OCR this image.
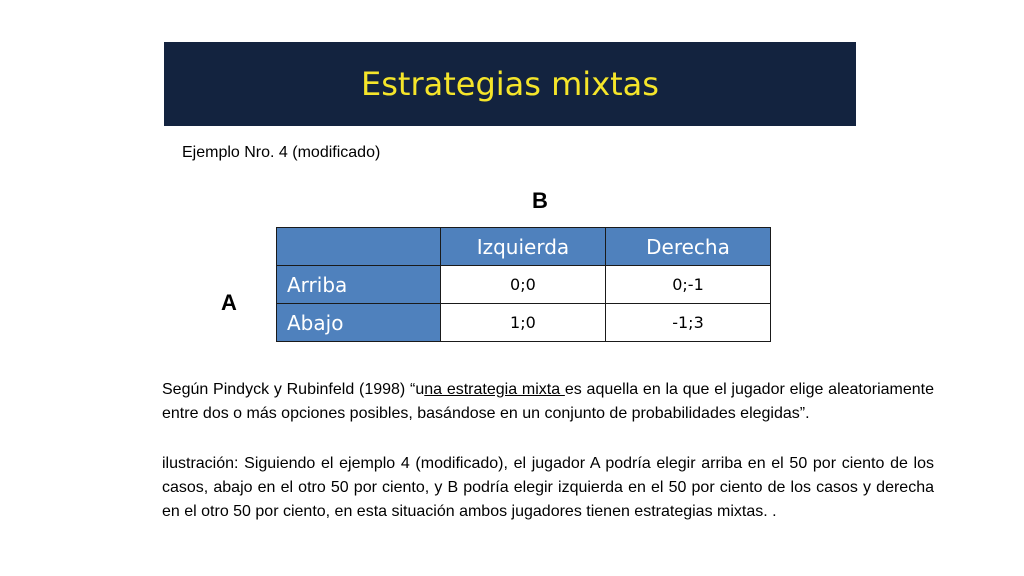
Estrategias mixtas
Ejemplo Nro. 4 (modificado)
B
A
	Izquierda	Derecha
Arriba	0;0	0;-1
Abajo	1;0	-1;3
Según Pindyck y Rubinfeld (1998) “una estrategia mixta es aquella en la que el jugador elige aleatoriamente entre dos o más opciones posibles, basándose en un conjunto de probabilidades elegidas”.
ilustración: Siguiendo el ejemplo 4 (modificado), el jugador A podría elegir arriba en el 50 por ciento de los casos, abajo en el otro 50 por ciento, y B podría elegir izquierda en el 50 por ciento de los casos y derecha en el otro 50 por ciento, en esta situación ambos jugadores tienen estrategias mixtas. .
